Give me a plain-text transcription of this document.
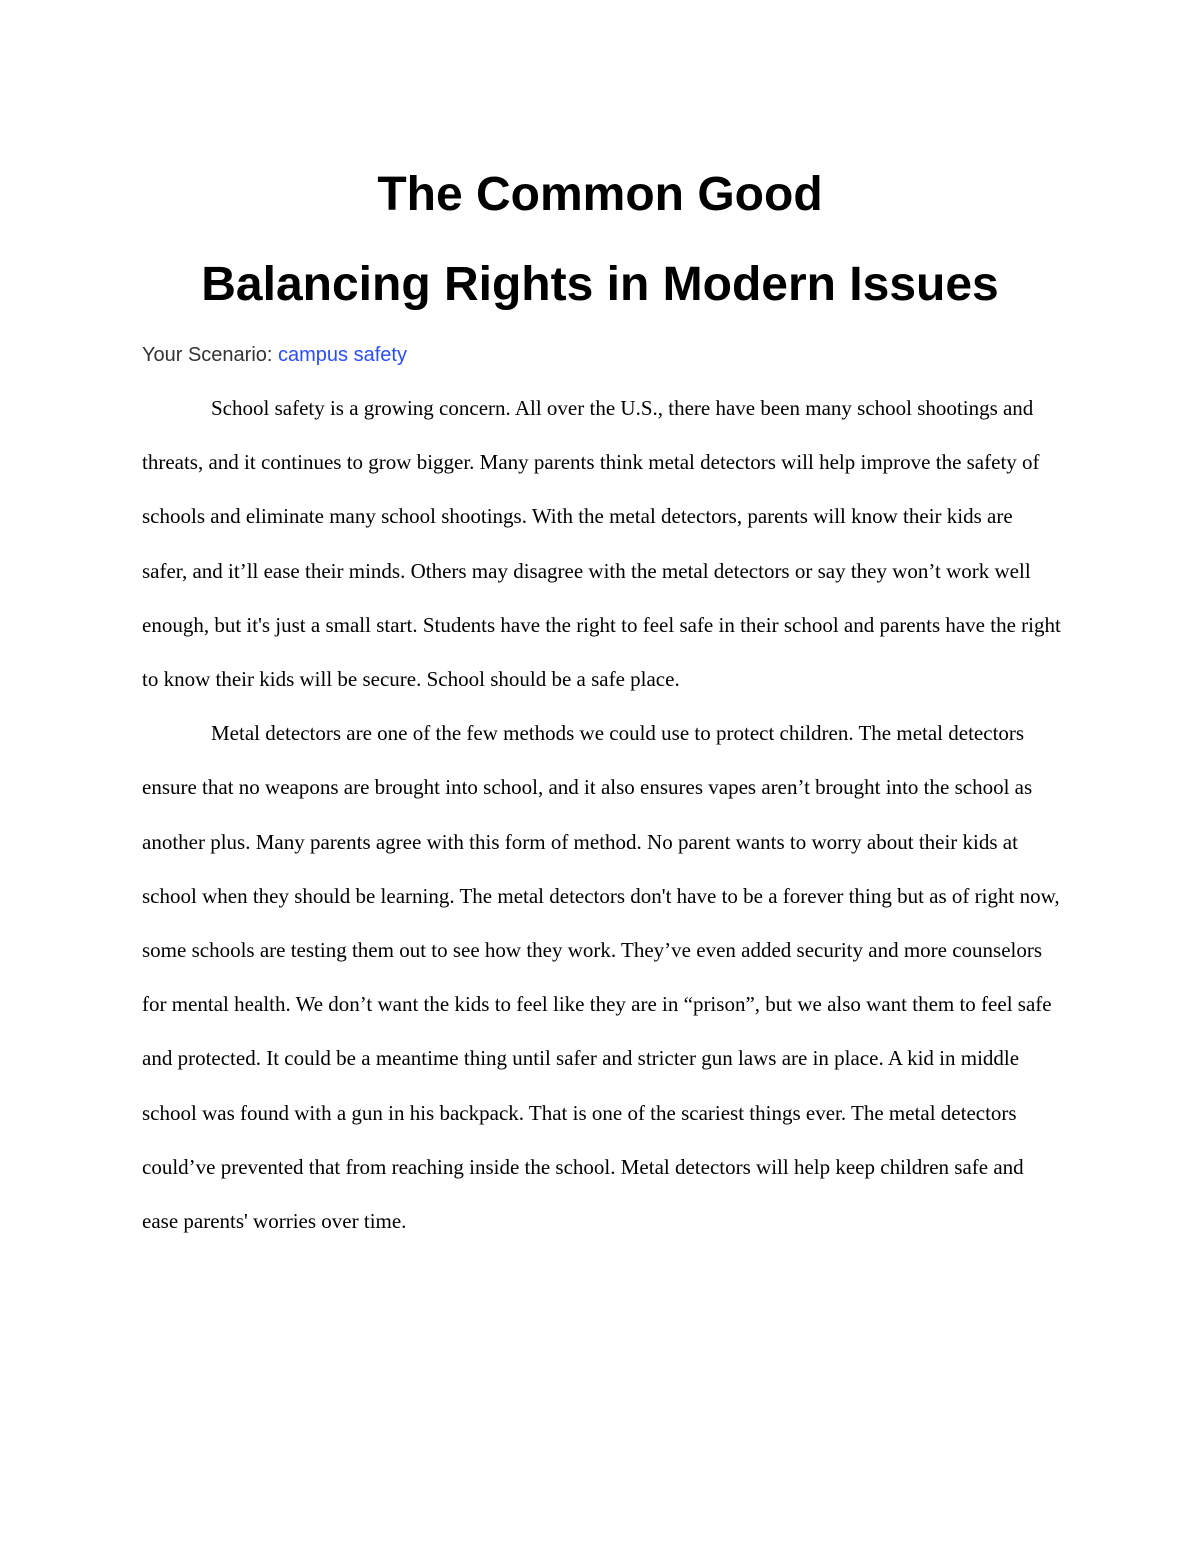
The Common Good
Balancing Rights in Modern Issues

Your Scenario: campus safety

School safety is a growing concern. All over the U.S., there have been many school shootings and threats, and it continues to grow bigger. Many parents think metal detectors will help improve the safety of schools and eliminate many school shootings. With the metal detectors, parents will know their kids are safer, and it’ll ease their minds. Others may disagree with the metal detectors or say they won’t work well enough, but it's just a small start. Students have the right to feel safe in their school and parents have the right to know their kids will be secure. School should be a safe place.

Metal detectors are one of the few methods we could use to protect children. The metal detectors ensure that no weapons are brought into school, and it also ensures vapes aren’t brought into the school as another plus. Many parents agree with this form of method. No parent wants to worry about their kids at school when they should be learning. The metal detectors don't have to be a forever thing but as of right now, some schools are testing them out to see how they work. They’ve even added security and more counselors for mental health. We don’t want the kids to feel like they are in “prison”, but we also want them to feel safe and protected. It could be a meantime thing until safer and stricter gun laws are in place. A kid in middle school was found with a gun in his backpack. That is one of the scariest things ever. The metal detectors could’ve prevented that from reaching inside the school. Metal detectors will help keep children safe and ease parents' worries over time.
